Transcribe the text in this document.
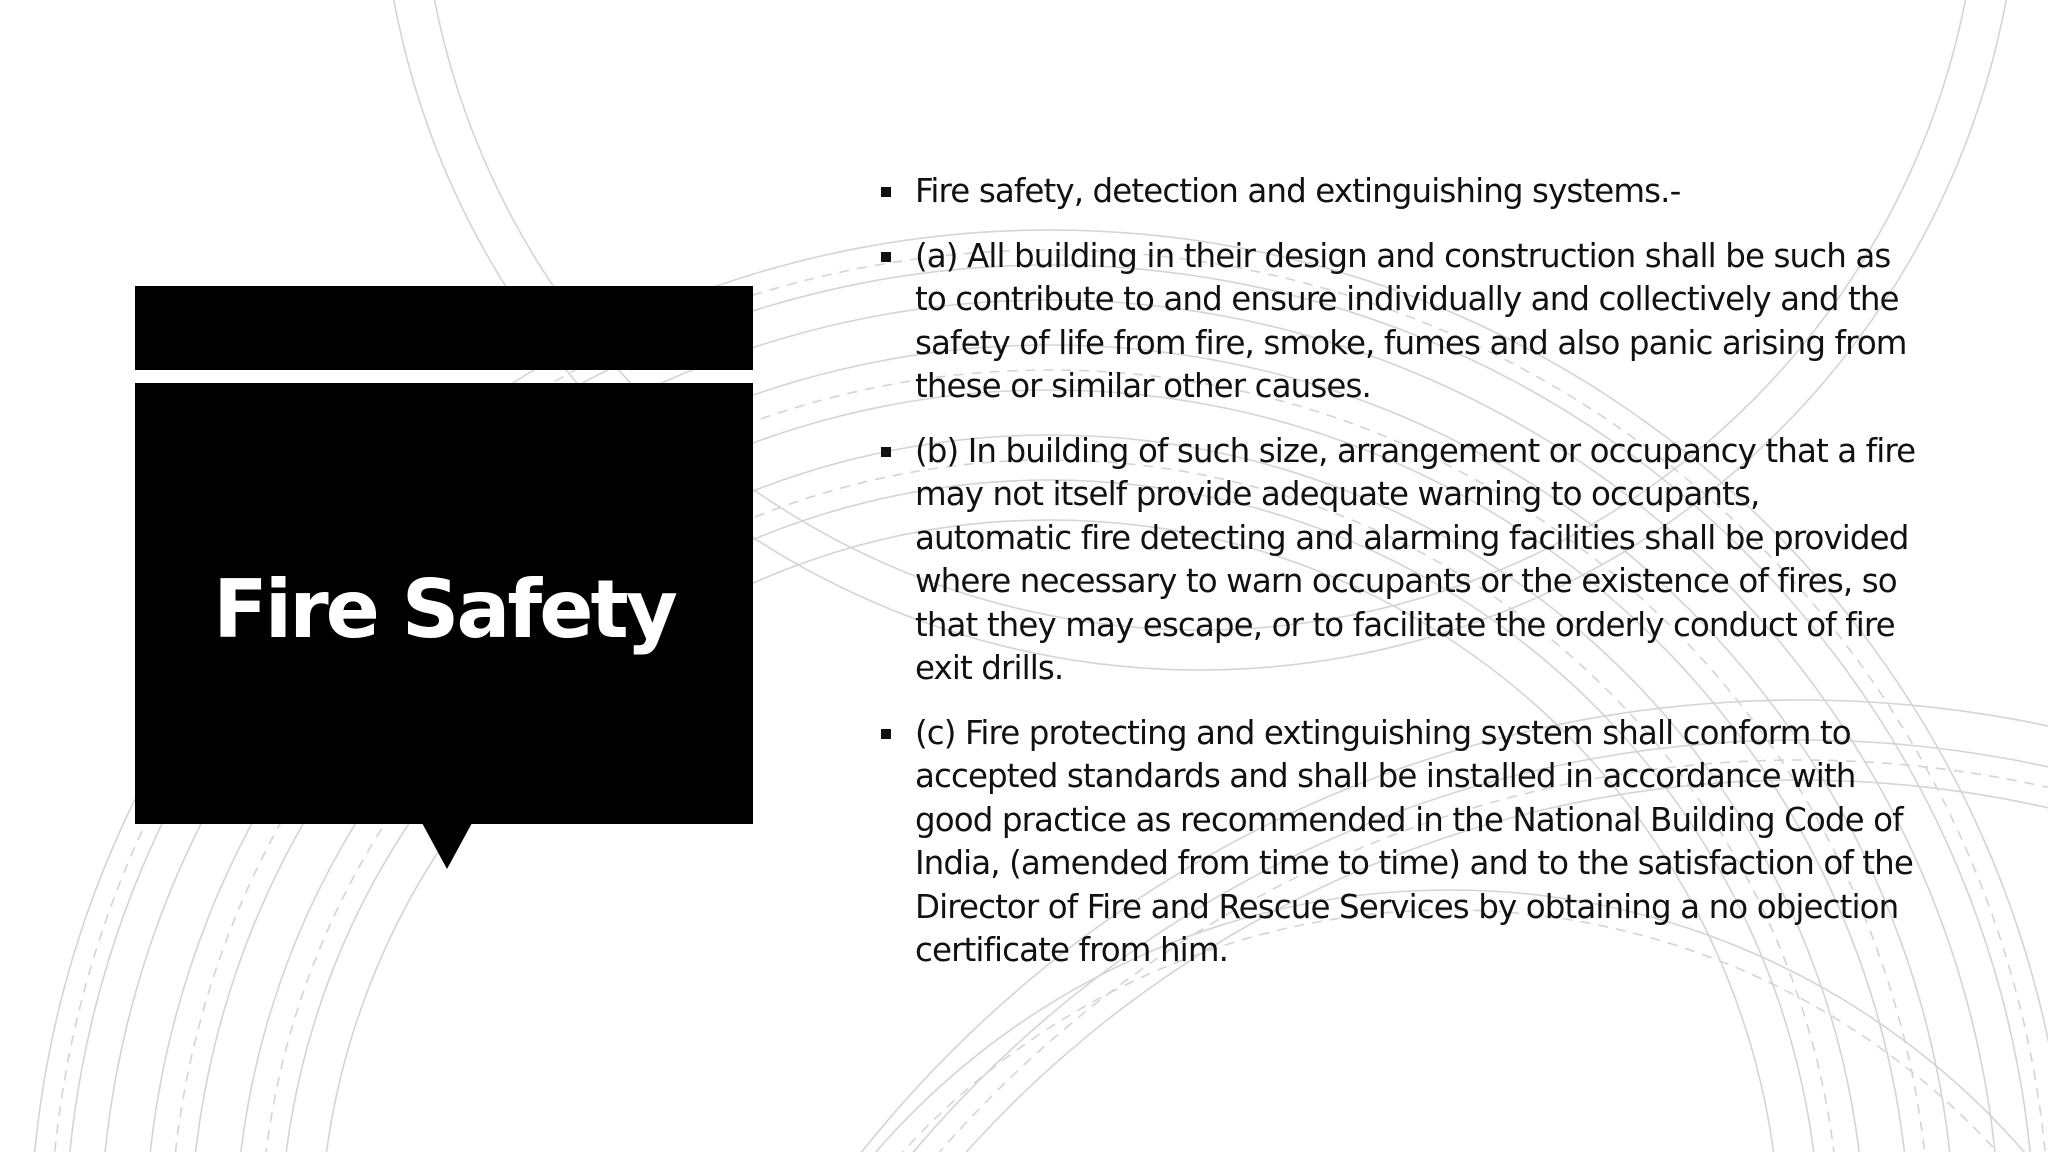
Fire Safety
Fire safety, detection and extinguishing systems.-
(a) All building in their design and construction shall be such as to contribute to and ensure individually and collectively and the safety of life from fire, smoke, fumes and also panic arising from these or similar other causes.
(b) In building of such size, arrangement or occupancy that a fire may not itself provide adequate warning to occupants, automatic fire detecting and alarming facilities shall be provided where necessary to warn occupants or the existence of fires, so that they may escape, or to facilitate the orderly conduct of fire exit drills.
(c) Fire protecting and extinguishing system shall conform to accepted standards and shall be installed in accordance with good practice as recommended in the National Building Code of India, (amended from time to time) and to the satisfaction of the Director of Fire and Rescue Services by obtaining a no objection certificate from him.
